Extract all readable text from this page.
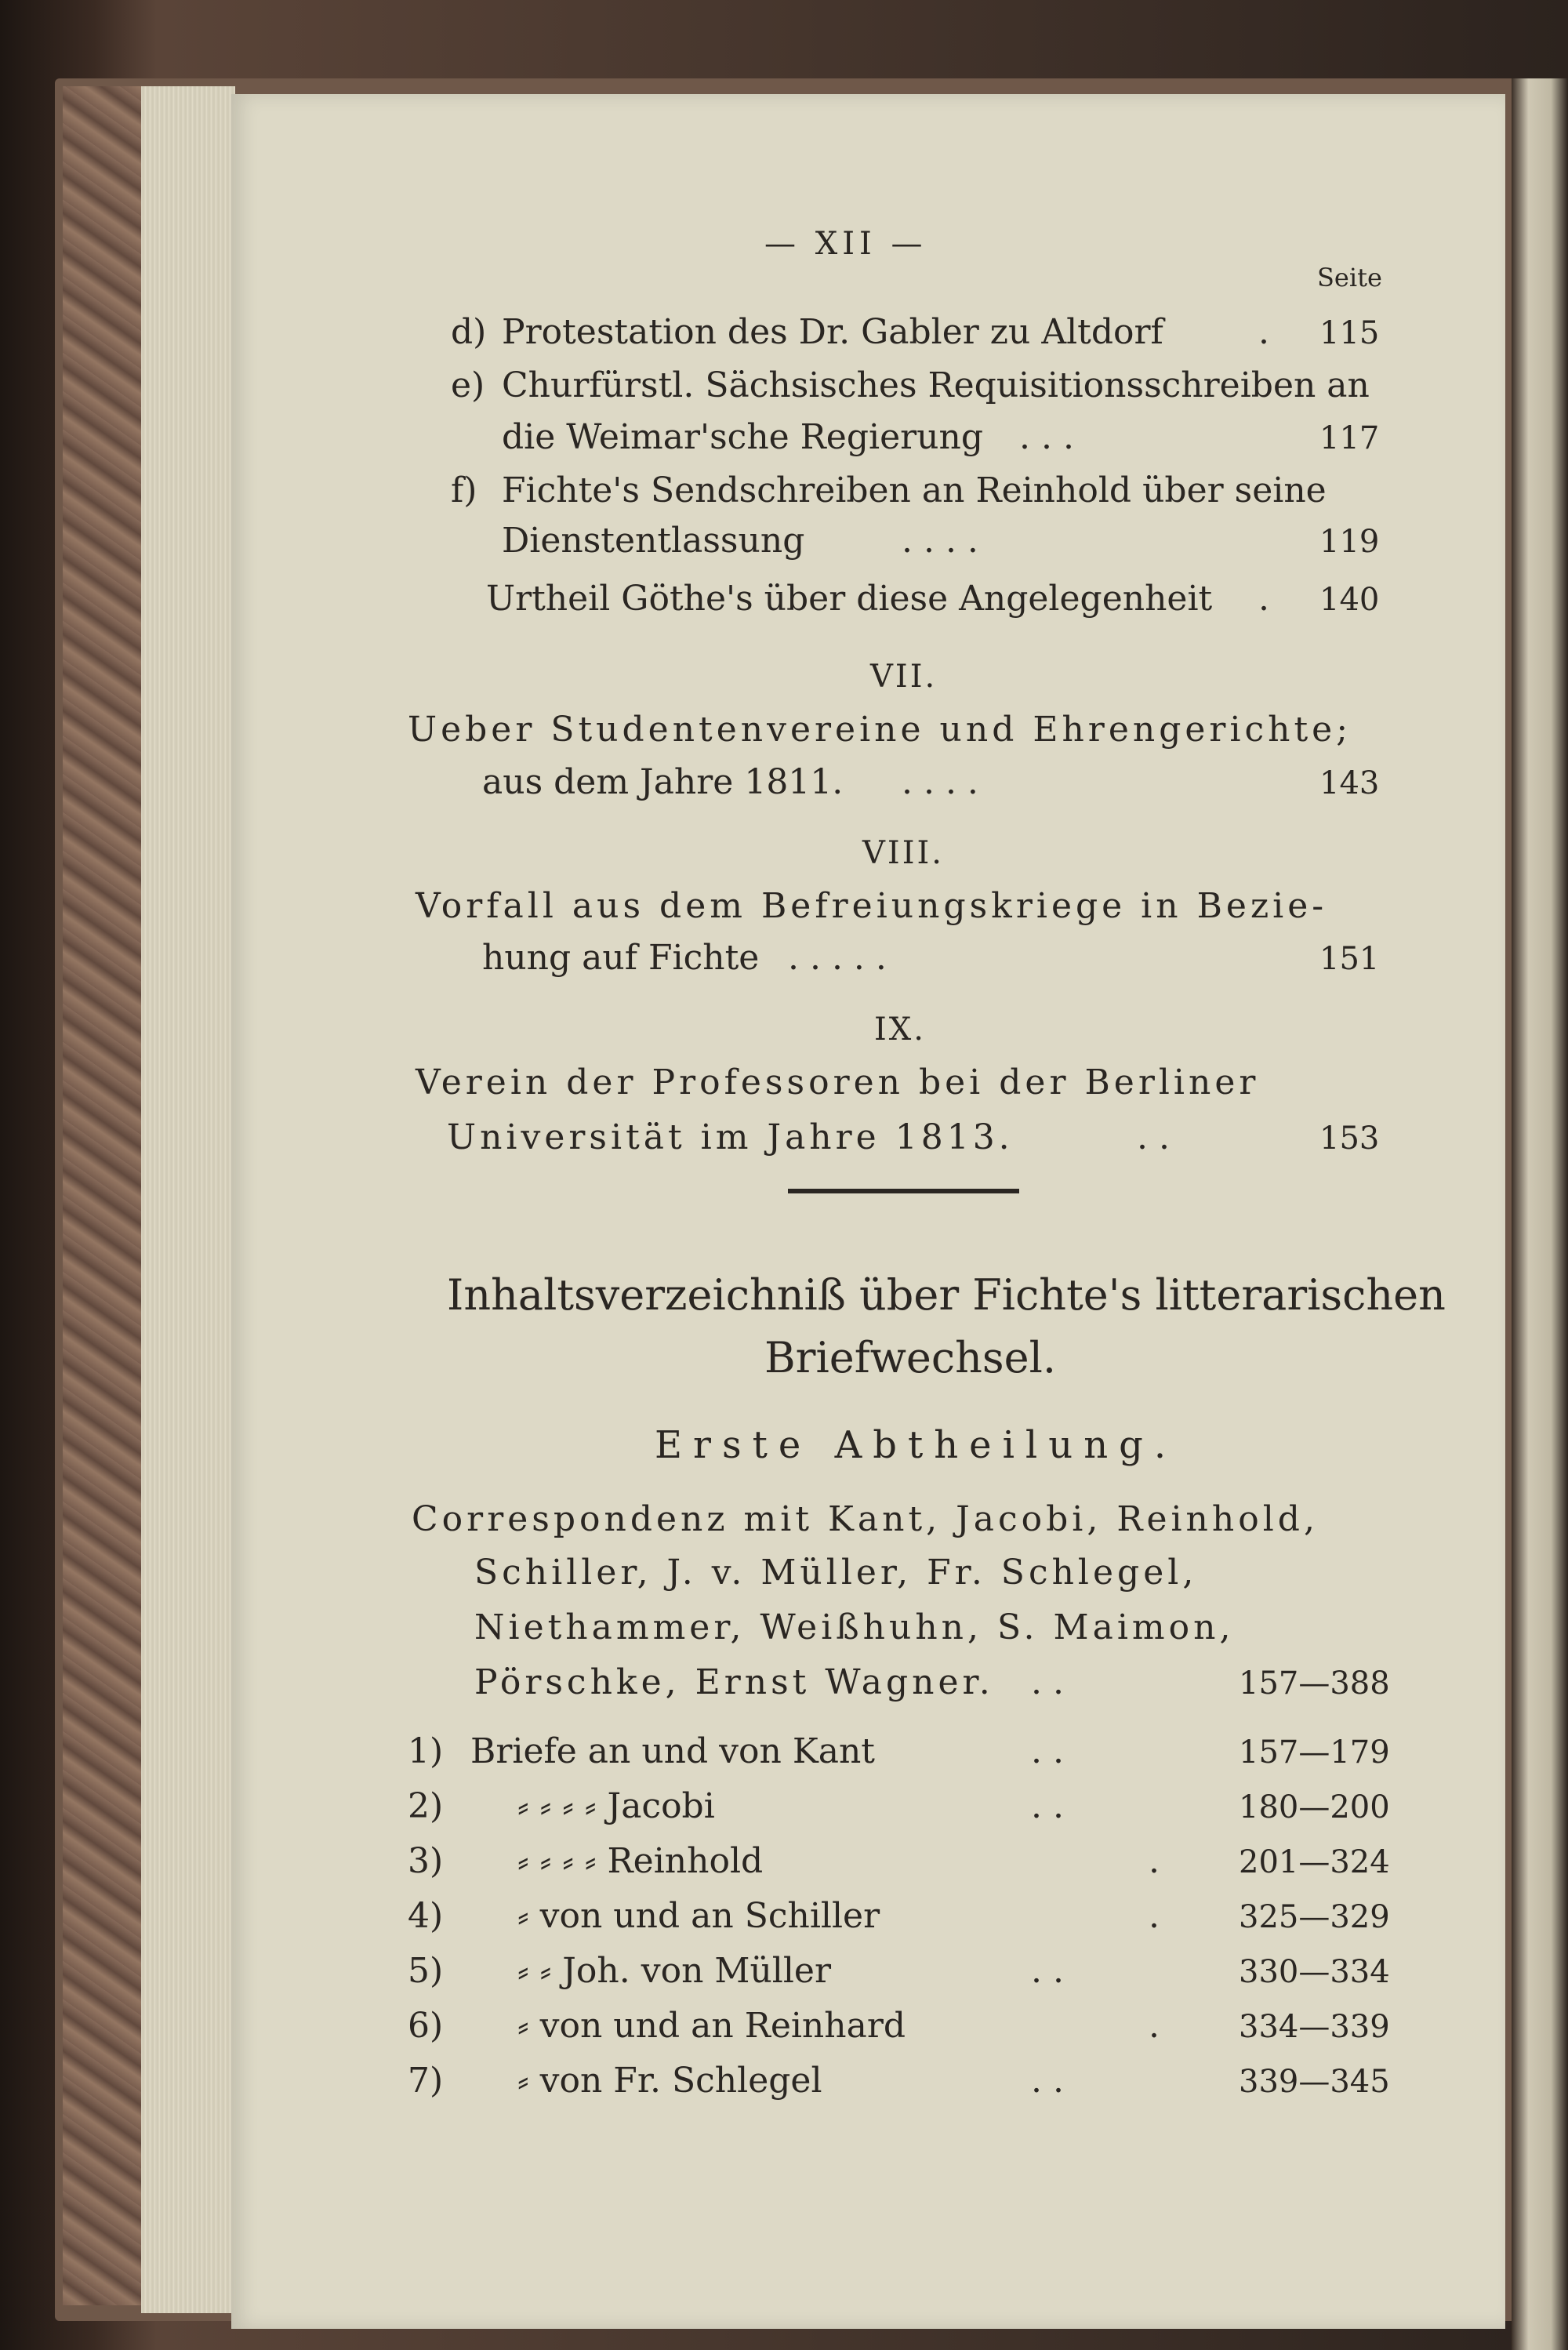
— XII —
Seite
d) Protestation des Dr. Gabler zu Altdorf	. 115
e) Churfürstl. Sächsisches Requisitionsschreiben an
die Weimar'sche Regierung . . .	117
f) Fichte's Sendschreiben an Reinhold über seine
Dienstentlassung	. . . .	119
Urtheil Göthe's über diese Angelegenheit . 140
VII.
Ueber Studentenvereine und Ehrengerichte;
aus dem Jahre 1811. . . . .	143
VIII.
Vorfall aus dem Befreiungskriege in Bezie-
hung auf Fichte . . . . .	151
IX.
Verein der Professoren bei der Berliner
Universität im Jahre 1813.	. .	153
Inhaltsverzeichniß über Fichte's litterarischen
Briefwechsel.
Erste Abtheilung.
Correspondenz mit Kant, Jacobi, Reinhold,
Schiller, J. v. Müller, Fr. Schlegel,
Niethammer, Weißhuhn, S. Maimon,
Pörschke, Ernst Wagner. . .	157—388
1) Briefe an und von Kant	. .	157—179
2) ⸗ ⸗ ⸗ ⸗ Jacobi	. .	180—200
3) ⸗ ⸗ ⸗ ⸗ Reinhold	.	201—324
4) ⸗ von und an Schiller	.	325—329
5) ⸗ ⸗ Joh. von Müller	. .	330—334
6) ⸗ von und an Reinhard	.	334—339
7) ⸗ von Fr. Schlegel	. .	339—345
